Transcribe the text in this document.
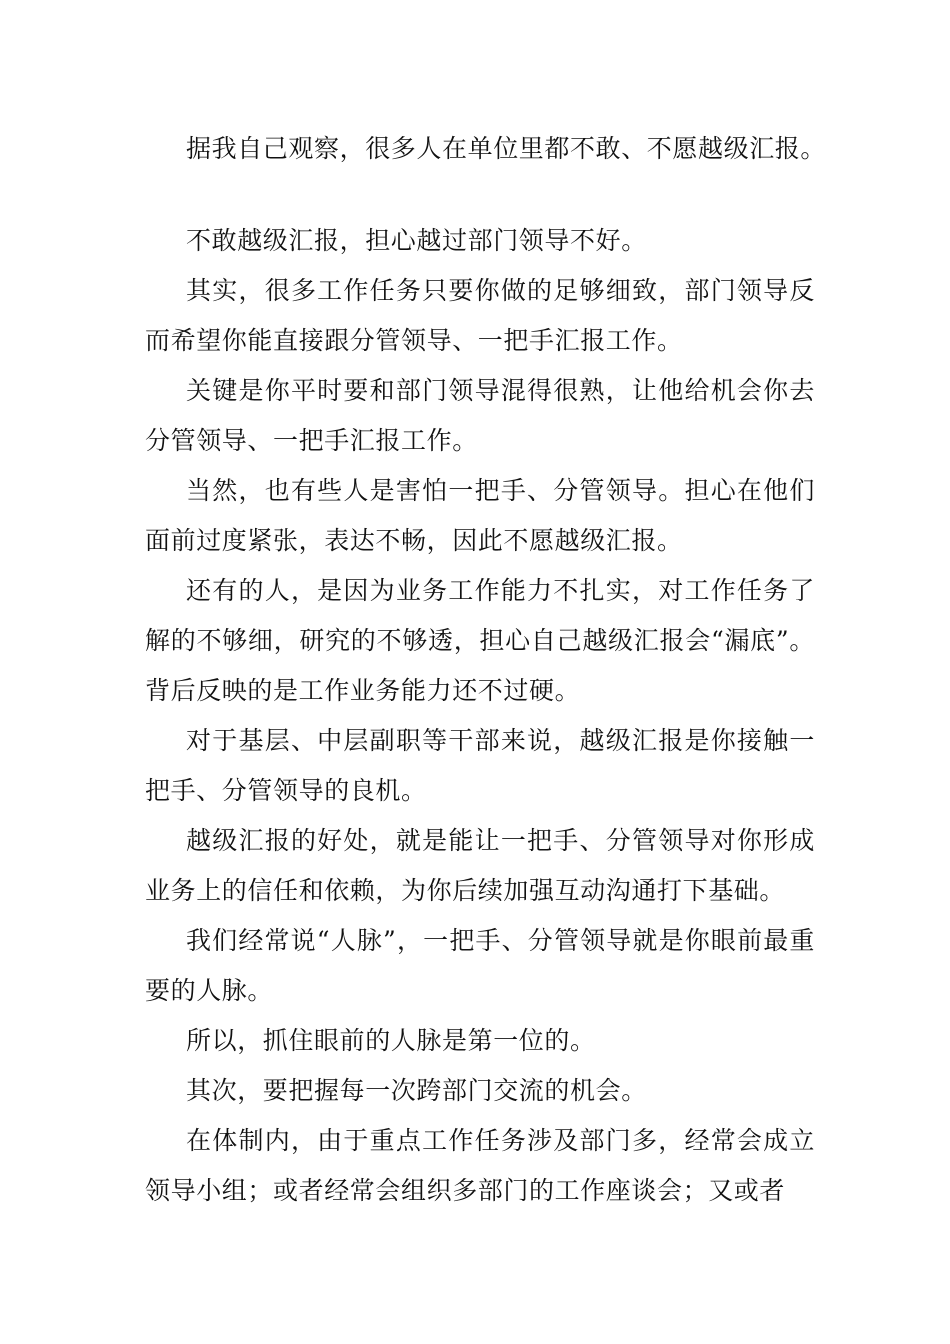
据我自己观察，很多人在单位里都不敢、不愿越级汇报。

不敢越级汇报，担心越过部门领导不好。

其实，很多工作任务只要你做的足够细致，部门领导反而希望你能直接跟分管领导、一把手汇报工作。

关键是你平时要和部门领导混得很熟，让他给机会你去分管领导、一把手汇报工作。

当然，也有些人是害怕一把手、分管领导。担心在他们面前过度紧张，表达不畅，因此不愿越级汇报。

还有的人，是因为业务工作能力不扎实，对工作任务了解的不够细，研究的不够透，担心自己越级汇报会“漏底”。背后反映的是工作业务能力还不过硬。

对于基层、中层副职等干部来说，越级汇报是你接触一把手、分管领导的良机。

越级汇报的好处，就是能让一把手、分管领导对你形成业务上的信任和依赖，为你后续加强互动沟通打下基础。

我们经常说“人脉”，一把手、分管领导就是你眼前最重要的人脉。

所以，抓住眼前的人脉是第一位的。

其次，要把握每一次跨部门交流的机会。

在体制内，由于重点工作任务涉及部门多，经常会成立领导小组；或者经常会组织多部门的工作座谈会；又或者
